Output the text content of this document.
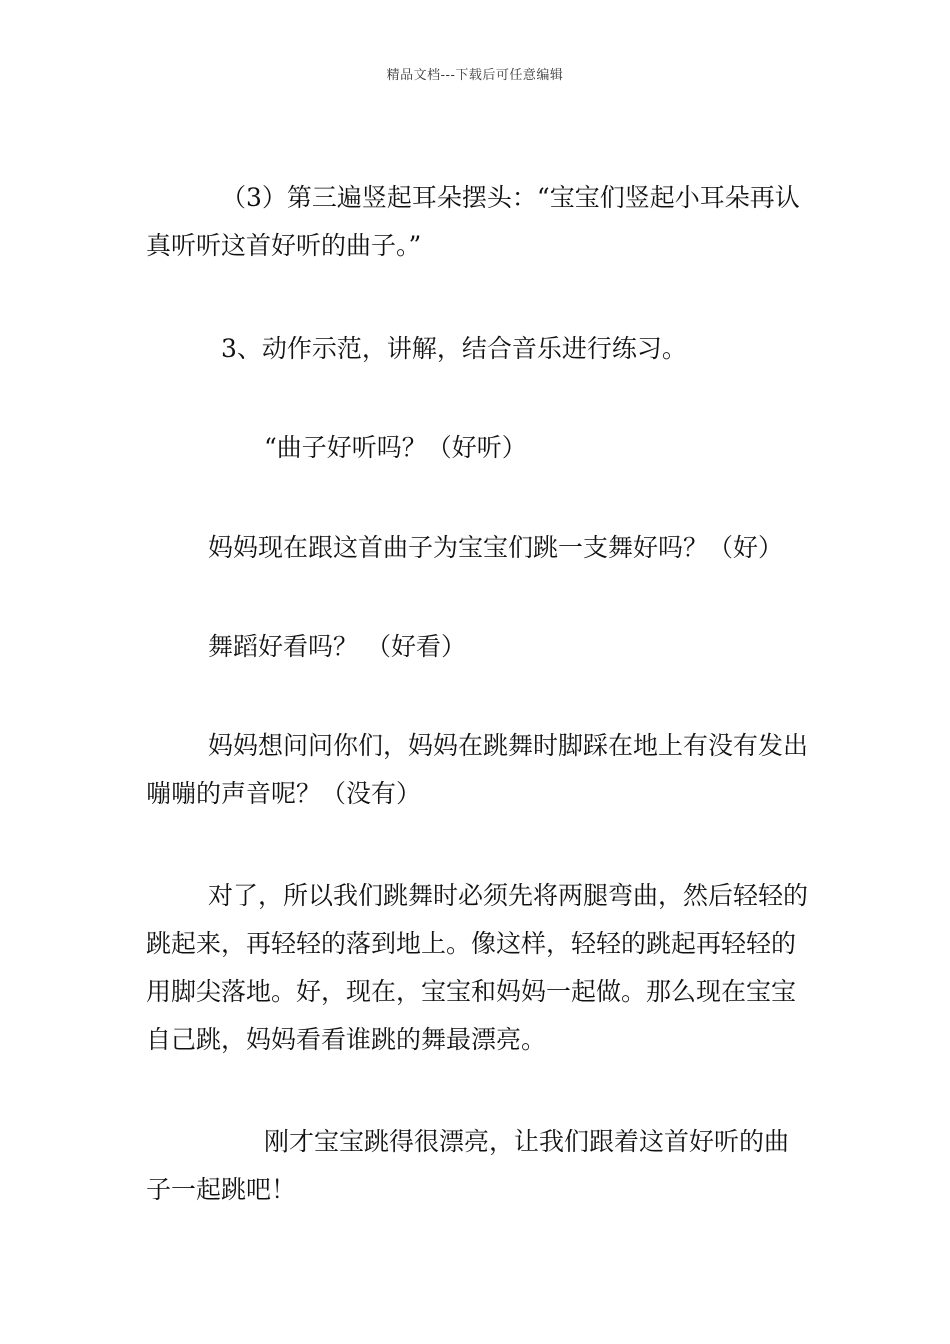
精品文档---下载后可任意编辑

（3）第三遍竖起耳朵摆头：“宝宝们竖起小耳朵再认真听听这首好听的曲子。”

3、动作示范，讲解，结合音乐进行练习。

“曲子好听吗？（好听）

妈妈现在跟这首曲子为宝宝们跳一支舞好吗？（好）

舞蹈好看吗？ （好看）

妈妈想问问你们，妈妈在跳舞时脚踩在地上有没有发出嘣嘣的声音呢？（没有）

对了，所以我们跳舞时必须先将两腿弯曲，然后轻轻的跳起来，再轻轻的落到地上。像这样，轻轻的跳起再轻轻的用脚尖落地。好，现在，宝宝和妈妈一起做。那么现在宝宝自己跳，妈妈看看谁跳的舞最漂亮。

刚才宝宝跳得很漂亮，让我们跟着这首好听的曲子一起跳吧！
